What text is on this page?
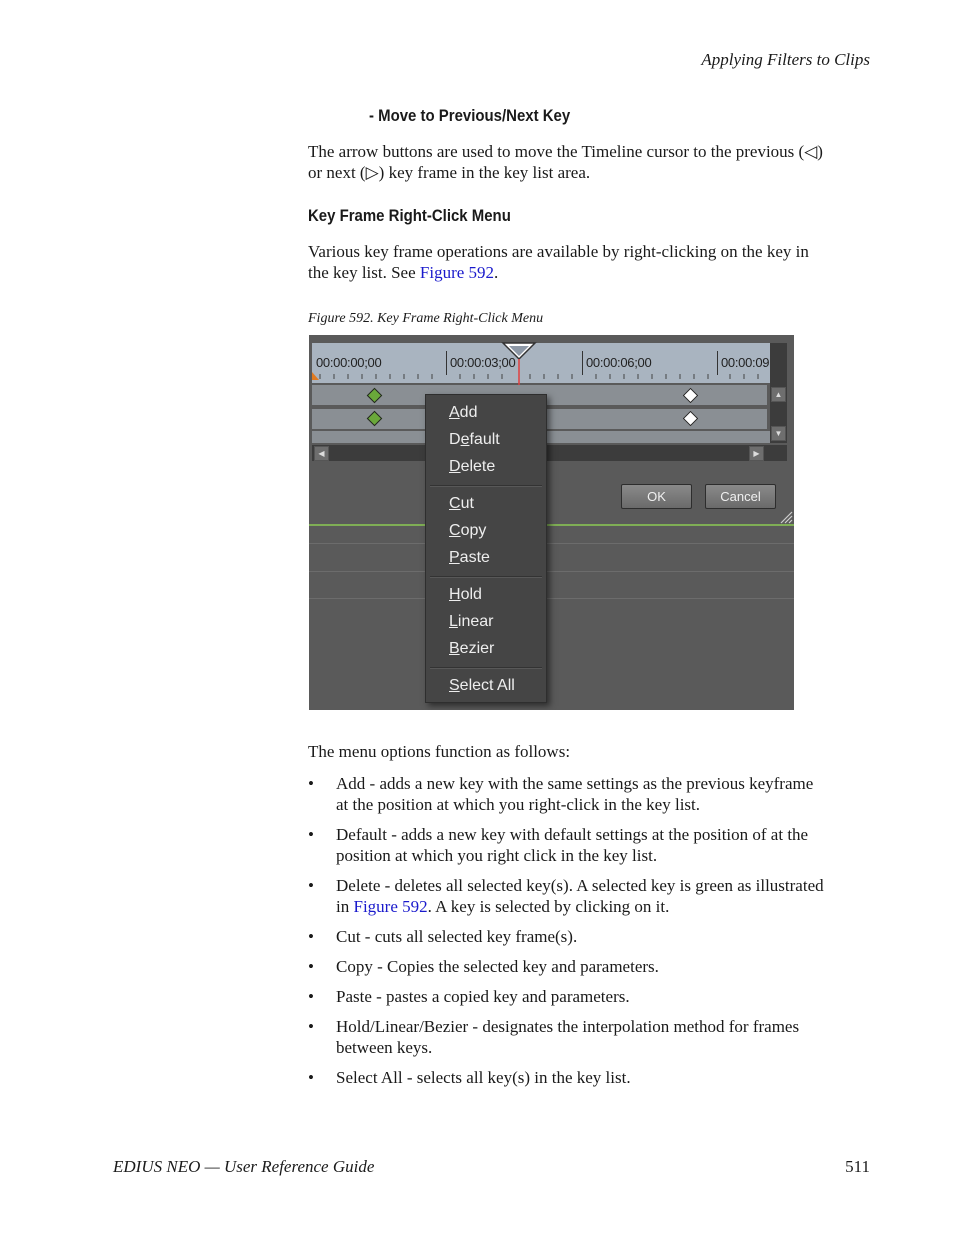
Applying Filters to Clips
- Move to Previous/Next Key
The arrow buttons are used to move the Timeline cursor to the previous (◁)
or next (▷) key frame in the key list area.
Key Frame Right-Click Menu
Various key frame operations are available by right-clicking on the key in
the key list. See Figure 592.
Figure 592. Key Frame Right-Click Menu
00:00:00;00	00:00:03;00	00:00:06;00	00:00:09
▲
▼
◀	▶
OK	Cancel
Add
Default
Delete
Cut
Copy
Paste
Hold
Linear
Bezier
Select All
The menu options function as follows:
• Add - adds a new key with the same settings as the previous keyframe
at the position at which you right-click in the key list.
• Default - adds a new key with default settings at the position of at the
position at which you right click in the key list.
• Delete - deletes all selected key(s). A selected key is green as illustrated
in Figure 592. A key is selected by clicking on it.
• Cut - cuts all selected key frame(s).
• Copy - Copies the selected key and parameters.
• Paste - pastes a copied key and parameters.
• Hold/Linear/Bezier - designates the interpolation method for frames
between keys.
• Select All - selects all key(s) in the key list.
EDIUS NEO — User Reference Guide	511
